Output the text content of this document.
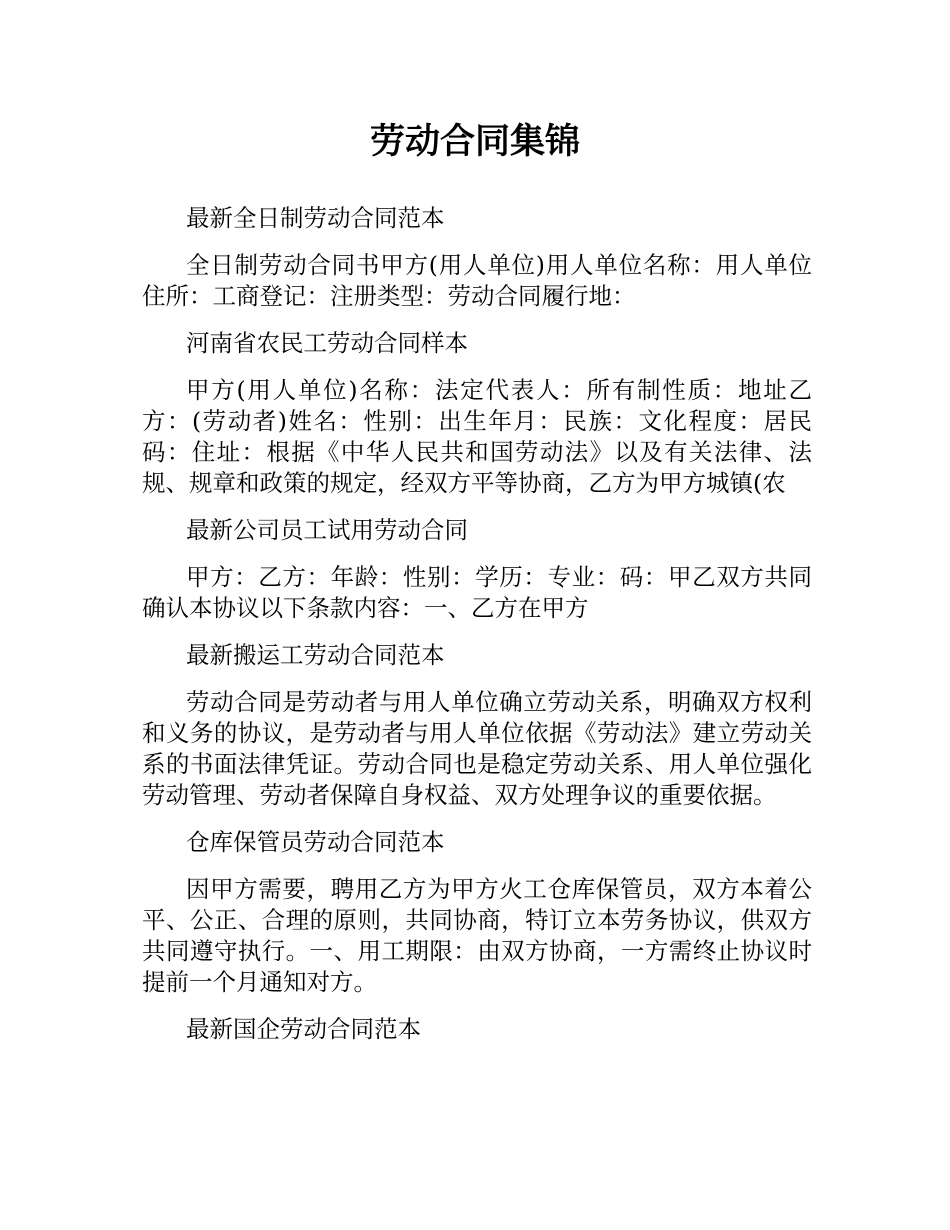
劳动合同集锦

最新全日制劳动合同范本

全日制劳动合同书甲方(用人单位)用人单位名称：用人单位住所：工商登记：注册类型：劳动合同履行地：

河南省农民工劳动合同样本

甲方(用人单位)名称：法定代表人：所有制性质：地址乙方：(劳动者)姓名：性别：出生年月：民族：文化程度：居民码：住址：根据《中华人民共和国劳动法》以及有关法律、法规、规章和政策的规定，经双方平等协商，乙方为甲方城镇(农

最新公司员工试用劳动合同

甲方：乙方：年龄：性别：学历：专业：码：甲乙双方共同确认本协议以下条款内容：一、乙方在甲方

最新搬运工劳动合同范本

劳动合同是劳动者与用人单位确立劳动关系，明确双方权利和义务的协议，是劳动者与用人单位依据《劳动法》建立劳动关系的书面法律凭证。劳动合同也是稳定劳动关系、用人单位强化劳动管理、劳动者保障自身权益、双方处理争议的重要依据。

仓库保管员劳动合同范本

因甲方需要，聘用乙方为甲方火工仓库保管员，双方本着公平、公正、合理的原则，共同协商，特订立本劳务协议，供双方共同遵守执行。一、用工期限：由双方协商，一方需终止协议时提前一个月通知对方。

最新国企劳动合同范本
